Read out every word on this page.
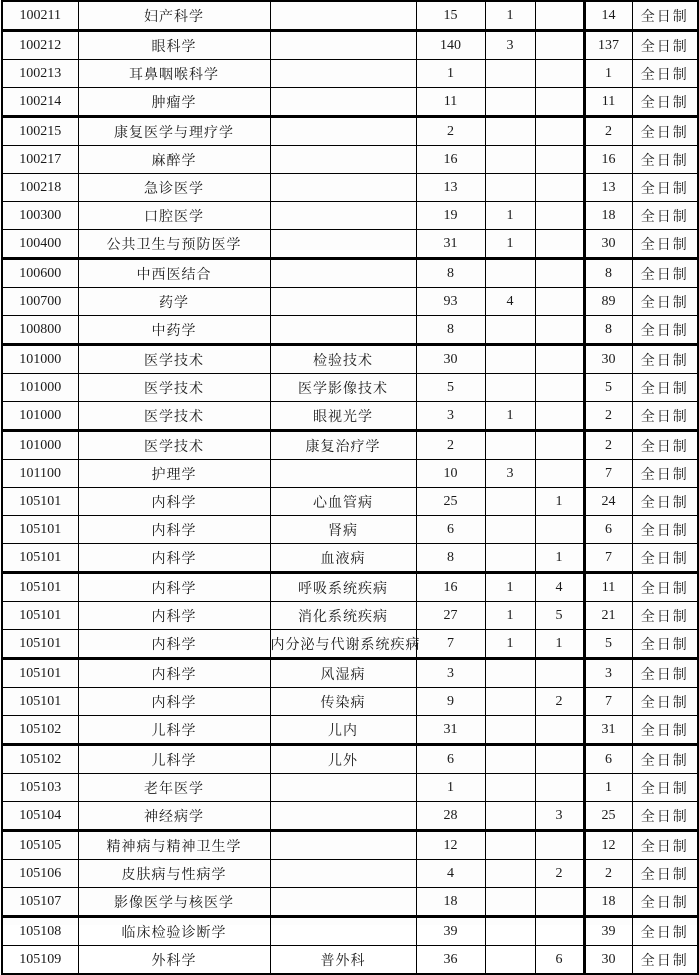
100211	妇产科学		15	1		14	全日制
100212	眼科学		140	3		137	全日制
100213	耳鼻咽喉科学		1			1	全日制
100214	肿瘤学		11			11	全日制
100215	康复医学与理疗学		2			2	全日制
100217	麻醉学		16			16	全日制
100218	急诊医学		13			13	全日制
100300	口腔医学		19	1		18	全日制
100400	公共卫生与预防医学		31	1		30	全日制
100600	中西医结合		8			8	全日制
100700	药学		93	4		89	全日制
100800	中药学		8			8	全日制
101000	医学技术	检验技术	30			30	全日制
101000	医学技术	医学影像技术	5			5	全日制
101000	医学技术	眼视光学	3	1		2	全日制
101000	医学技术	康复治疗学	2			2	全日制
101100	护理学		10	3		7	全日制
105101	内科学	心血管病	25		1	24	全日制
105101	内科学	肾病	6			6	全日制
105101	内科学	血液病	8		1	7	全日制
105101	内科学	呼吸系统疾病	16	1	4	11	全日制
105101	内科学	消化系统疾病	27	1	5	21	全日制
105101	内科学	内分泌与代谢系统疾病	7	1	1	5	全日制
105101	内科学	风湿病	3			3	全日制
105101	内科学	传染病	9		2	7	全日制
105102	儿科学	儿内	31			31	全日制
105102	儿科学	儿外	6			6	全日制
105103	老年医学		1			1	全日制
105104	神经病学		28		3	25	全日制
105105	精神病与精神卫生学		12			12	全日制
105106	皮肤病与性病学		4		2	2	全日制
105107	影像医学与核医学		18			18	全日制
105108	临床检验诊断学		39			39	全日制
105109	外科学	普外科	36		6	30	全日制
